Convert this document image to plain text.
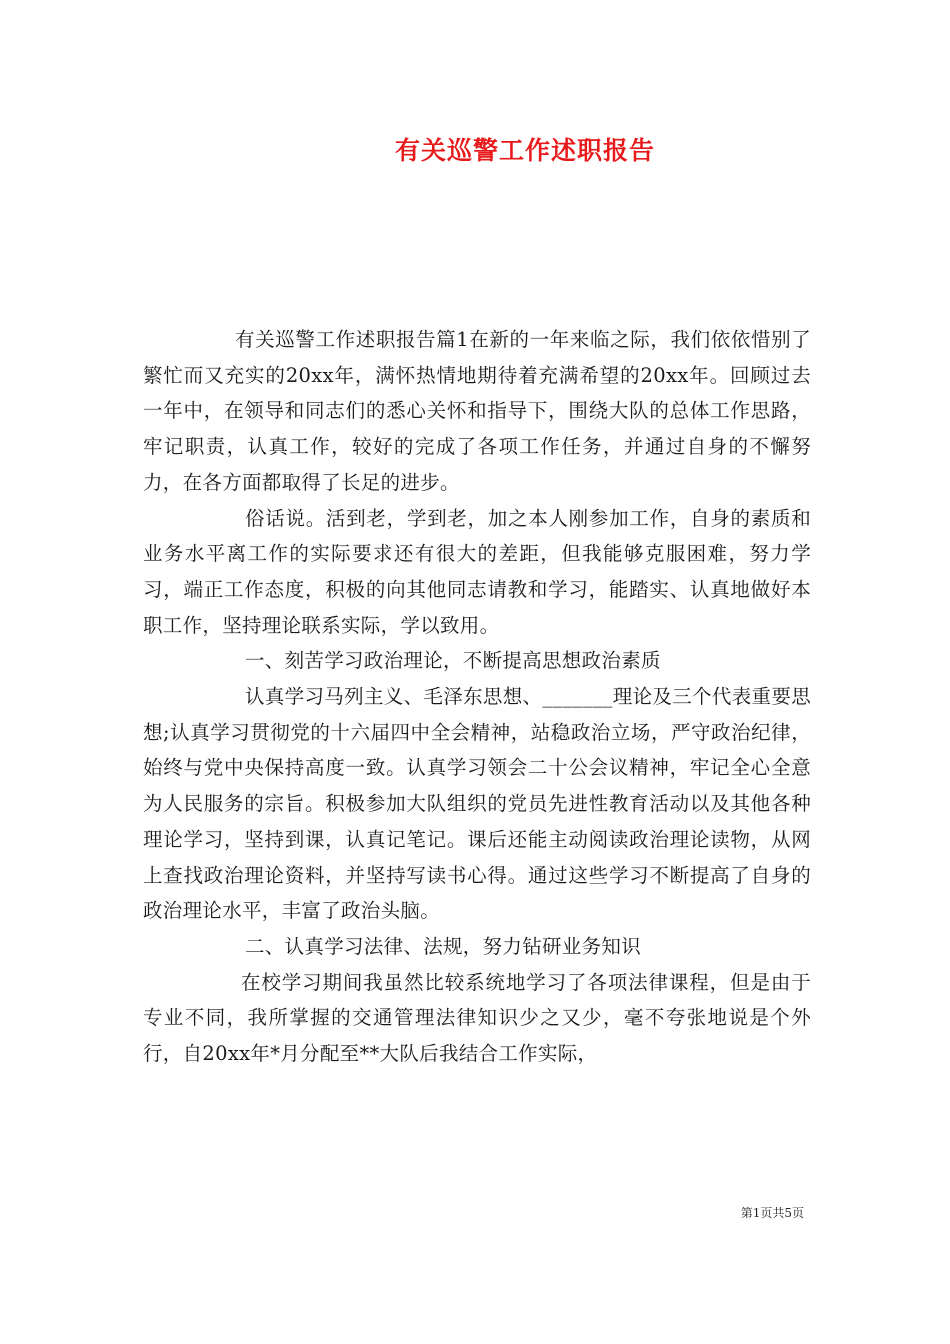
有关巡警工作述职报告

有关巡警工作述职报告篇1在新的一年来临之际，我们依依惜别了繁忙而又充实的20xx年，满怀热情地期待着充满希望的20xx年。回顾过去一年中，在领导和同志们的悉心关怀和指导下，围绕大队的总体工作思路，牢记职责，认真工作，较好的完成了各项工作任务，并通过自身的不懈努力，在各方面都取得了长足的进步。

俗话说。活到老，学到老，加之本人刚参加工作，自身的素质和业务水平离工作的实际要求还有很大的差距，但我能够克服困难，努力学习，端正工作态度，积极的向其他同志请教和学习，能踏实、认真地做好本职工作，坚持理论联系实际，学以致用。

一、刻苦学习政治理论，不断提高思想政治素质

认真学习马列主义、毛泽东思想、_______理论及三个代表重要思想;认真学习贯彻党的十六届四中全会精神，站稳政治立场，严守政治纪律，始终与党中央保持高度一致。认真学习领会二十公会议精神，牢记全心全意为人民服务的宗旨。积极参加大队组织的党员先进性教育活动以及其他各种理论学习，坚持到课，认真记笔记。课后还能主动阅读政治理论读物，从网上查找政治理论资料，并坚持写读书心得。通过这些学习不断提高了自身的政治理论水平，丰富了政治头脑。

二、认真学习法律、法规，努力钻研业务知识

在校学习期间我虽然比较系统地学习了各项法律课程，但是由于专业不同，我所掌握的交通管理法律知识少之又少，毫不夸张地说是个外行，自20xx年*月分配至**大队后我结合工作实际，

第1页共5页
